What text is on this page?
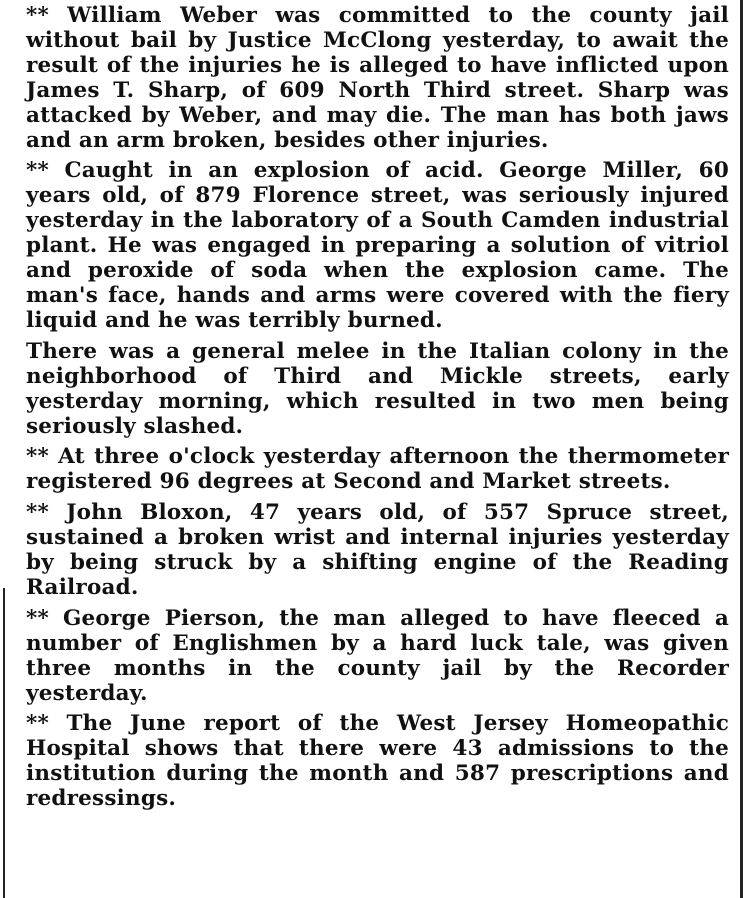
** William Weber was committed to the county jail without bail by Justice McClong yesterday, to await the result of the injuries he is alleged to have inflicted upon James T. Sharp, of 609 North Third street. Sharp was attacked by Weber, and may die. The man has both jaws and an arm broken, besides other injuries.

** Caught in an explosion of acid. George Miller, 60 years old, of 879 Florence street, was seriously injured yesterday in the laboratory of a South Camden industrial plant. He was engaged in preparing a solution of vitriol and peroxide of soda when the explosion came. The man's face, hands and arms were covered with the fiery liquid and he was terribly burned.

There was a general melee in the Italian colony in the neighborhood of Third and Mickle streets, early yesterday morning, which resulted in two men being seriously slashed.

** At three o'clock yesterday afternoon the thermometer registered 96 degrees at Second and Market streets.

** John Bloxon, 47 years old, of 557 Spruce street, sustained a broken wrist and internal injuries yesterday by being struck by a shifting engine of the Reading Railroad.

** George Pierson, the man alleged to have fleeced a number of Englishmen by a hard luck tale, was given three months in the county jail by the Recorder yesterday.

** The June report of the West Jersey Homeopathic Hospital shows that there were 43 admissions to the institution during the month and 587 prescriptions and redressings.
